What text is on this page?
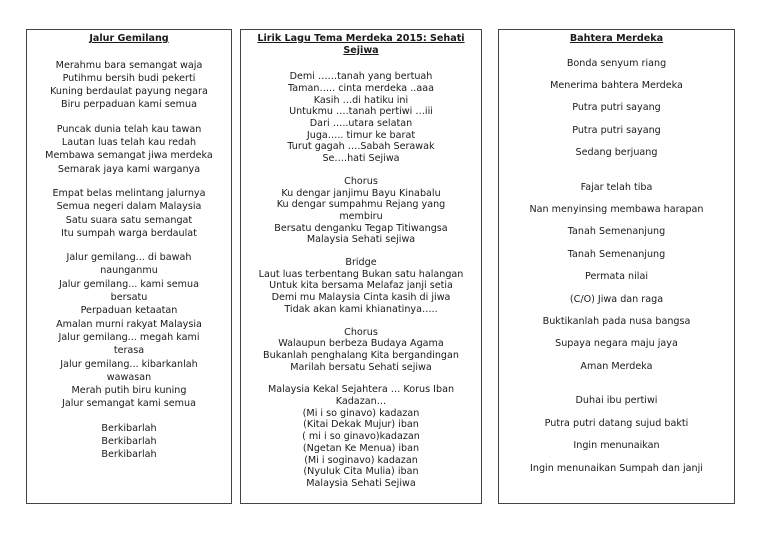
Jalur Gemilang
Merahmu bara semangat waja
Putihmu bersih budi pekerti
Kuning berdaulat payung negara
Biru perpaduan kami semua
Puncak dunia telah kau tawan
Lautan luas telah kau redah
Membawa semangat jiwa merdeka
Semarak jaya kami warganya
Empat belas melintang jalurnya
Semua negeri dalam Malaysia
Satu suara satu semangat
Itu sumpah warga berdaulat
Jalur gemilang... di bawah
naunganmu
Jalur gemilang... kami semua
bersatu
Perpaduan ketaatan
Amalan murni rakyat Malaysia
Jalur gemilang... megah kami
terasa
Jalur gemilang... kibarkanlah
wawasan
Merah putih biru kuning
Jalur semangat kami semua
Berkibarlah
Berkibarlah
Berkibarlah
Lirik Lagu Tema Merdeka 2015: Sehati Sejiwa
Demi ……tanah yang bertuah
Taman….. cinta merdeka ..aaa
Kasih …di hatiku ini
Untukmu ….tanah pertiwi …iii
Dari …..utara selatan
Juga….. timur ke barat
Turut gagah ….Sabah Serawak
Se….hati Sejiwa
Chorus
Ku dengar janjimu Bayu Kinabalu
Ku dengar sumpahmu Rejang yang
membiru
Bersatu denganku Tegap Titiwangsa
Malaysia Sehati sejiwa
Bridge
Laut luas terbentang Bukan satu halangan
Untuk kita bersama Melafaz janji setia
Demi mu Malaysia Cinta kasih di jiwa
Tidak akan kami khianatinya…..
Chorus
Walaupun berbeza Budaya Agama
Bukanlah penghalang Kita bergandingan
Marilah bersatu Sehati sejiwa
Malaysia Kekal Sejahtera … Korus Iban
Kadazan…
(Mi i so ginavo) kadazan
(Kitai Dekak Mujur) iban
( mi i so ginavo)kadazan
(Ngetan Ke Menua) iban
(Mi i soginavo) kadazan
(Nyuluk Cita Mulia) iban
Malaysia Sehati Sejiwa
Bahtera Merdeka
Bonda senyum riang
Menerima bahtera Merdeka
Putra putri sayang
Putra putri sayang
Sedang berjuang
Fajar telah tiba
Nan menyinsing membawa harapan
Tanah Semenanjung
Tanah Semenanjung
Permata nilai
(C/O) Jiwa dan raga
Buktikanlah pada nusa bangsa
Supaya negara maju jaya
Aman Merdeka
Duhai ibu pertiwi
Putra putri datang sujud bakti
Ingin menunaikan
Ingin menunaikan Sumpah dan janji
